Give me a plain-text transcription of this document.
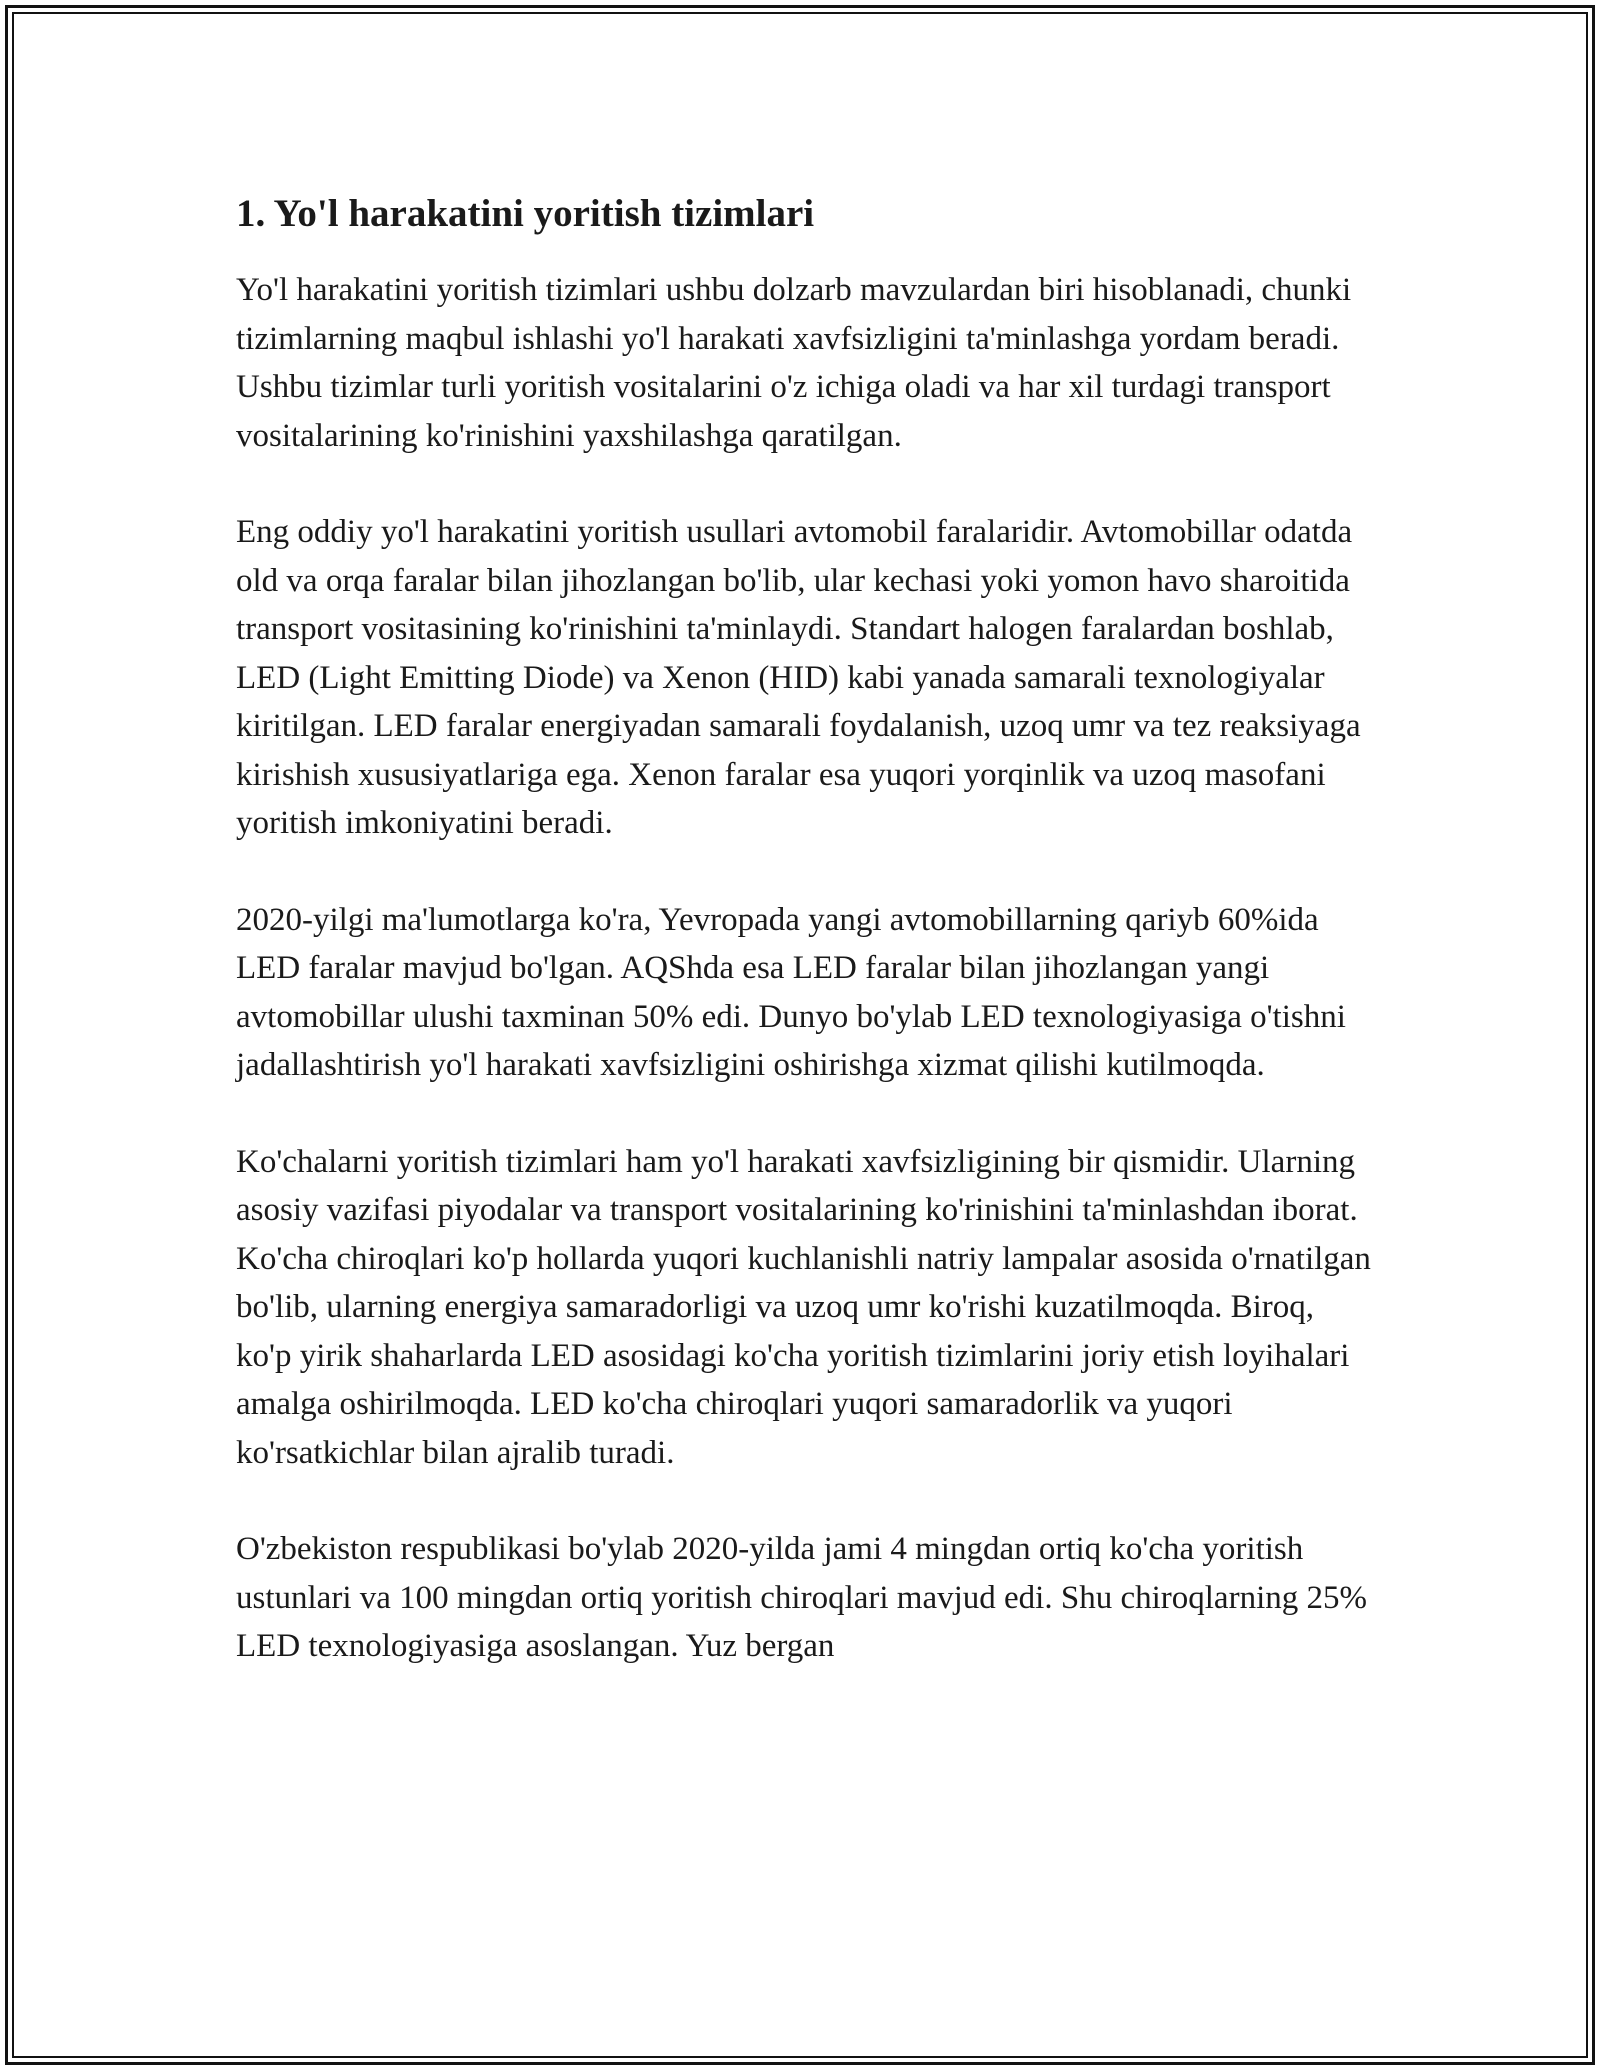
1. Yo'l harakatini yoritish tizimlari

Yo'l harakatini yoritish tizimlari ushbu dolzarb mavzulardan biri hisoblanadi, chunki tizimlarning maqbul ishlashi yo'l harakati xavfsizligini ta'minlashga yordam beradi. Ushbu tizimlar turli yoritish vositalarini o'z ichiga oladi va har xil turdagi transport vositalarining ko'rinishini yaxshilashga qaratilgan.

Eng oddiy yo'l harakatini yoritish usullari avtomobil faralaridir. Avtomobillar odatda old va orqa faralar bilan jihozlangan bo'lib, ular kechasi yoki yomon havo sharoitida transport vositasining ko'rinishini ta'minlaydi. Standart halogen faralardan boshlab, LED (Light Emitting Diode) va Xenon (HID) kabi yanada samarali texnologiyalar kiritilgan. LED faralar energiyadan samarali foydalanish, uzoq umr va tez reaksiyaga kirishish xususiyatlariga ega. Xenon faralar esa yuqori yorqinlik va uzoq masofani yoritish imkoniyatini beradi.

2020-yilgi ma'lumotlarga ko'ra, Yevropada yangi avtomobillarning qariyb 60%ida LED faralar mavjud bo'lgan. AQShda esa LED faralar bilan jihozlangan yangi avtomobillar ulushi taxminan 50% edi. Dunyo bo'ylab LED texnologiyasiga o'tishni jadallashtirish yo'l harakati xavfsizligini oshirishga xizmat qilishi kutilmoqda.

Ko'chalarni yoritish tizimlari ham yo'l harakati xavfsizligining bir qismidir. Ularning asosiy vazifasi piyodalar va transport vositalarining ko'rinishini ta'minlashdan iborat. Ko'cha chiroqlari ko'p hollarda yuqori kuchlanishli natriy lampalar asosida o'rnatilgan bo'lib, ularning energiya samaradorligi va uzoq umr ko'rishi kuzatilmoqda. Biroq, ko'p yirik shaharlarda LED asosidagi ko'cha yoritish tizimlarini joriy etish loyihalari amalga oshirilmoqda. LED ko'cha chiroqlari yuqori samaradorlik va yuqori ko'rsatkichlar bilan ajralib turadi.

O'zbekiston respublikasi bo'ylab 2020-yilda jami 4 mingdan ortiq ko'cha yoritish ustunlari va 100 mingdan ortiq yoritish chiroqlari mavjud edi. Shu chiroqlarning 25% LED texnologiyasiga asoslangan. Yuz bergan
